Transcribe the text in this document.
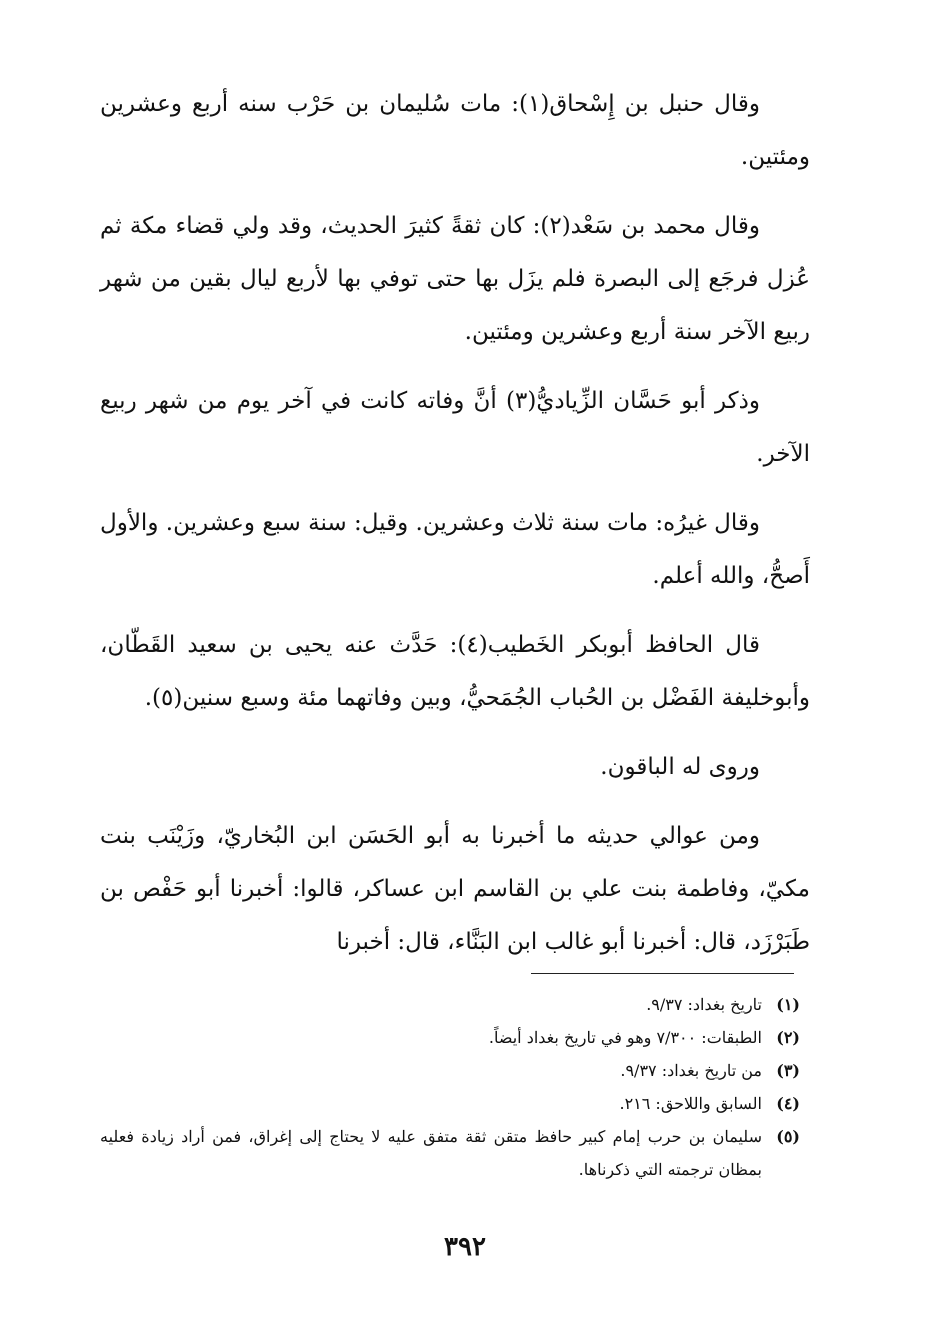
وقال حنبل بن إِسْحاق(١): مات سُليمان بن حَرْب سنه أربع وعشرين ومئتين.

وقال محمد بن سَعْد(٢): كان ثقةً كثيرَ الحديث، وقد ولي قضاء مكة ثم عُزل فرجَع إلى البصرة فلم يزَل بها حتى توفي بها لأربع ليال بقين من شهر ربيع الآخر سنة أربع وعشرين ومئتين.

وذكر أبو حَسَّان الزِّياديُّ(٣) أنَّ وفاته كانت في آخر يوم من شهر ربيع الآخر.

وقال غيرُه: مات سنة ثلاث وعشرين. وقيل: سنة سبع وعشرين. والأول أَصحُّ، والله أعلم.

قال الحافظ أبوبكر الخَطيب(٤): حَدَّث عنه يحيى بن سعيد القَطّان، وأبوخليفة الفَضْل بن الحُباب الجُمَحيُّ، وبين وفاتهما مئة وسبع سنين(٥).

وروى له الباقون.

ومن عوالي حديثه ما أخبرنا به أبو الحَسَن ابن البُخاريّ، وزَيْنَب بنت مكيّ، وفاطمة بنت علي بن القاسم ابن عساكر، قالوا: أخبرنا أبو حَفْص بن طَبَرْزَد، قال: أخبرنا أبو غالب ابن البَنَّاء، قال: أخبرنا

(١)
تاريخ بغداد: ٩/٣٧.
(٢)
الطبقات: ٧/٣٠٠ وهو في تاريخ بغداد أيضاً.
(٣)
من تاريخ بغداد: ٩/٣٧.
(٤)
السابق واللاحق: ٢١٦.
(٥)
سليمان بن حرب إمام كبير حافظ متقن ثقة متفق عليه لا يحتاج إلى إغراق، فمن أراد زيادة فعليه بمظان ترجمته التي ذكرناها.
٣٩٢
